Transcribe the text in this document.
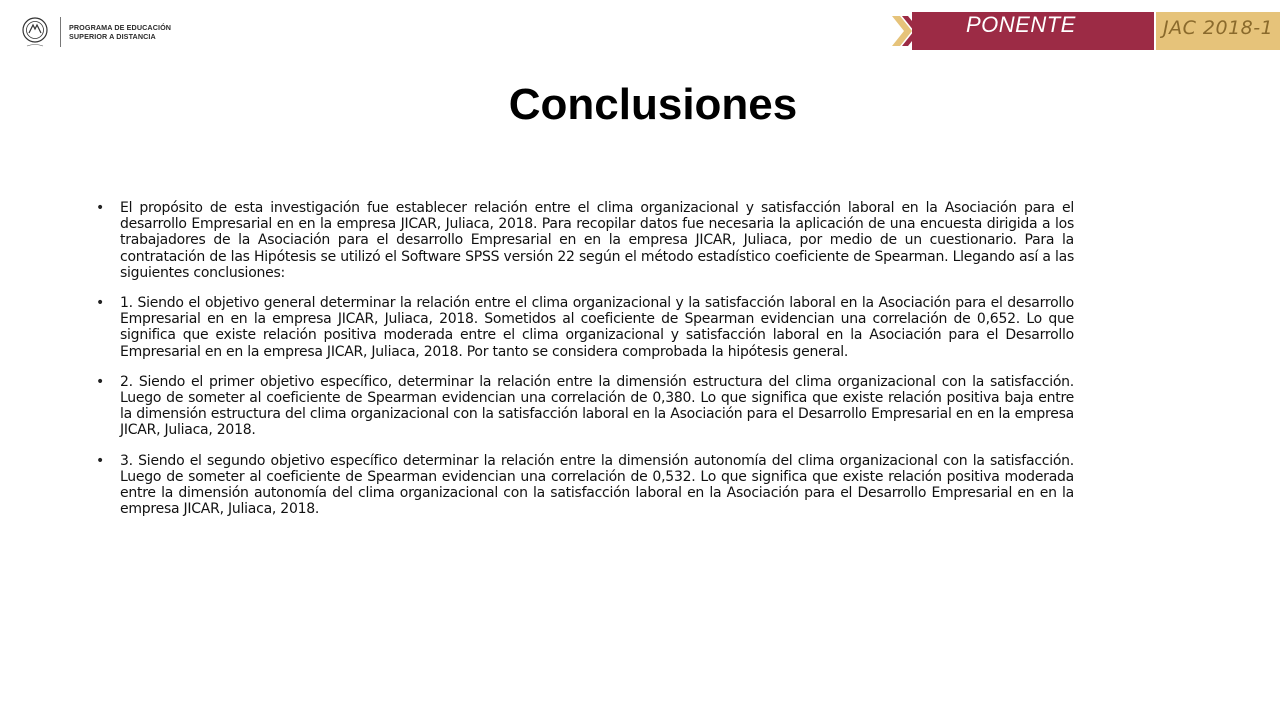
PROGRAMA DE EDUCACIÓN
SUPERIOR A DISTANCIA	PONENTE	JAC 2018-1
Conclusiones
•	El propósito de esta investigación fue establecer relación entre el clima organizacional y satisfacción laboral en la Asociación para el desarrollo Empresarial en en la empresa JICAR, Juliaca, 2018. Para recopilar datos fue necesaria la aplicación de una encuesta dirigida a los trabajadores de la Asociación para el desarrollo Empresarial en en la empresa JICAR, Juliaca, por medio de un cuestionario. Para la contratación de las Hipótesis se utilizó el Software SPSS versión 22 según el método estadístico coeficiente de Spearman. Llegando así a las siguientes conclusiones:
•	1. Siendo el objetivo general determinar la relación entre el clima organizacional y la satisfacción laboral en la Asociación para el desarrollo Empresarial en en la empresa JICAR, Juliaca, 2018. Sometidos al coeficiente de Spearman evidencian una correlación de 0,652. Lo que significa que existe relación positiva moderada entre el clima organizacional y satisfacción laboral en la Asociación para el Desarrollo Empresarial en en la empresa JICAR, Juliaca, 2018. Por tanto se considera comprobada la hipótesis general.
•	2. Siendo el primer objetivo específico, determinar la relación entre la dimensión estructura del clima organizacional con la satisfacción. Luego de someter al coeficiente de Spearman evidencian una correlación de 0,380. Lo que significa que existe relación positiva baja entre la dimensión estructura del clima organizacional con la satisfacción laboral en la Asociación para el Desarrollo Empresarial en en la empresa JICAR, Juliaca, 2018.
•	3. Siendo el segundo objetivo específico determinar la relación entre la dimensión autonomía del clima organizacional con la satisfacción. Luego de someter al coeficiente de Spearman evidencian una correlación de 0,532. Lo que significa que existe relación positiva moderada entre la dimensión autonomía del clima organizacional con la satisfacción laboral en la Asociación para el Desarrollo Empresarial en en la empresa JICAR, Juliaca, 2018.
